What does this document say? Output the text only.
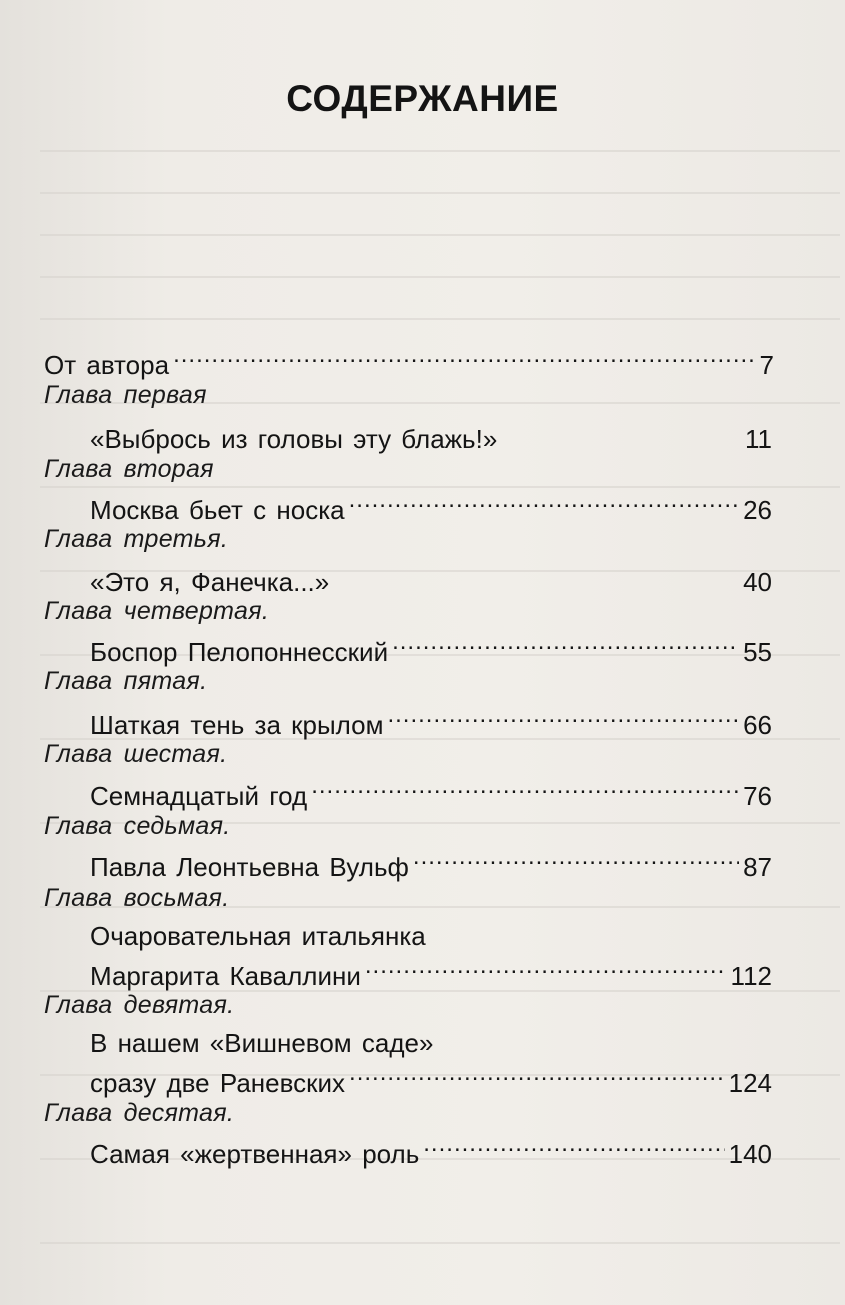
СОДЕРЖАНИЕ
От автора .....	7
Глава первая
«Выбрось из головы эту блажь!»	11
Глава вторая
Москва бьет с носка .....	26
Глава третья.
«Это я, Фанечка...»	40
Глава четвертая.
Боспор Пелопоннесский .....	55
Глава пятая.
Шаткая тень за крылом .....	66
Глава шестая.
Семнадцатый год .....	76
Глава седьмая.
Павла Леонтьевна Вульф .....	87
Глава восьмая.
Очаровательная итальянка
Маргарита Каваллини .....	112
Глава девятая.
В нашем «Вишневом саде»
сразу две Раневских .....	124
Глава десятая.
Самая «жертвенная» роль .....	140
